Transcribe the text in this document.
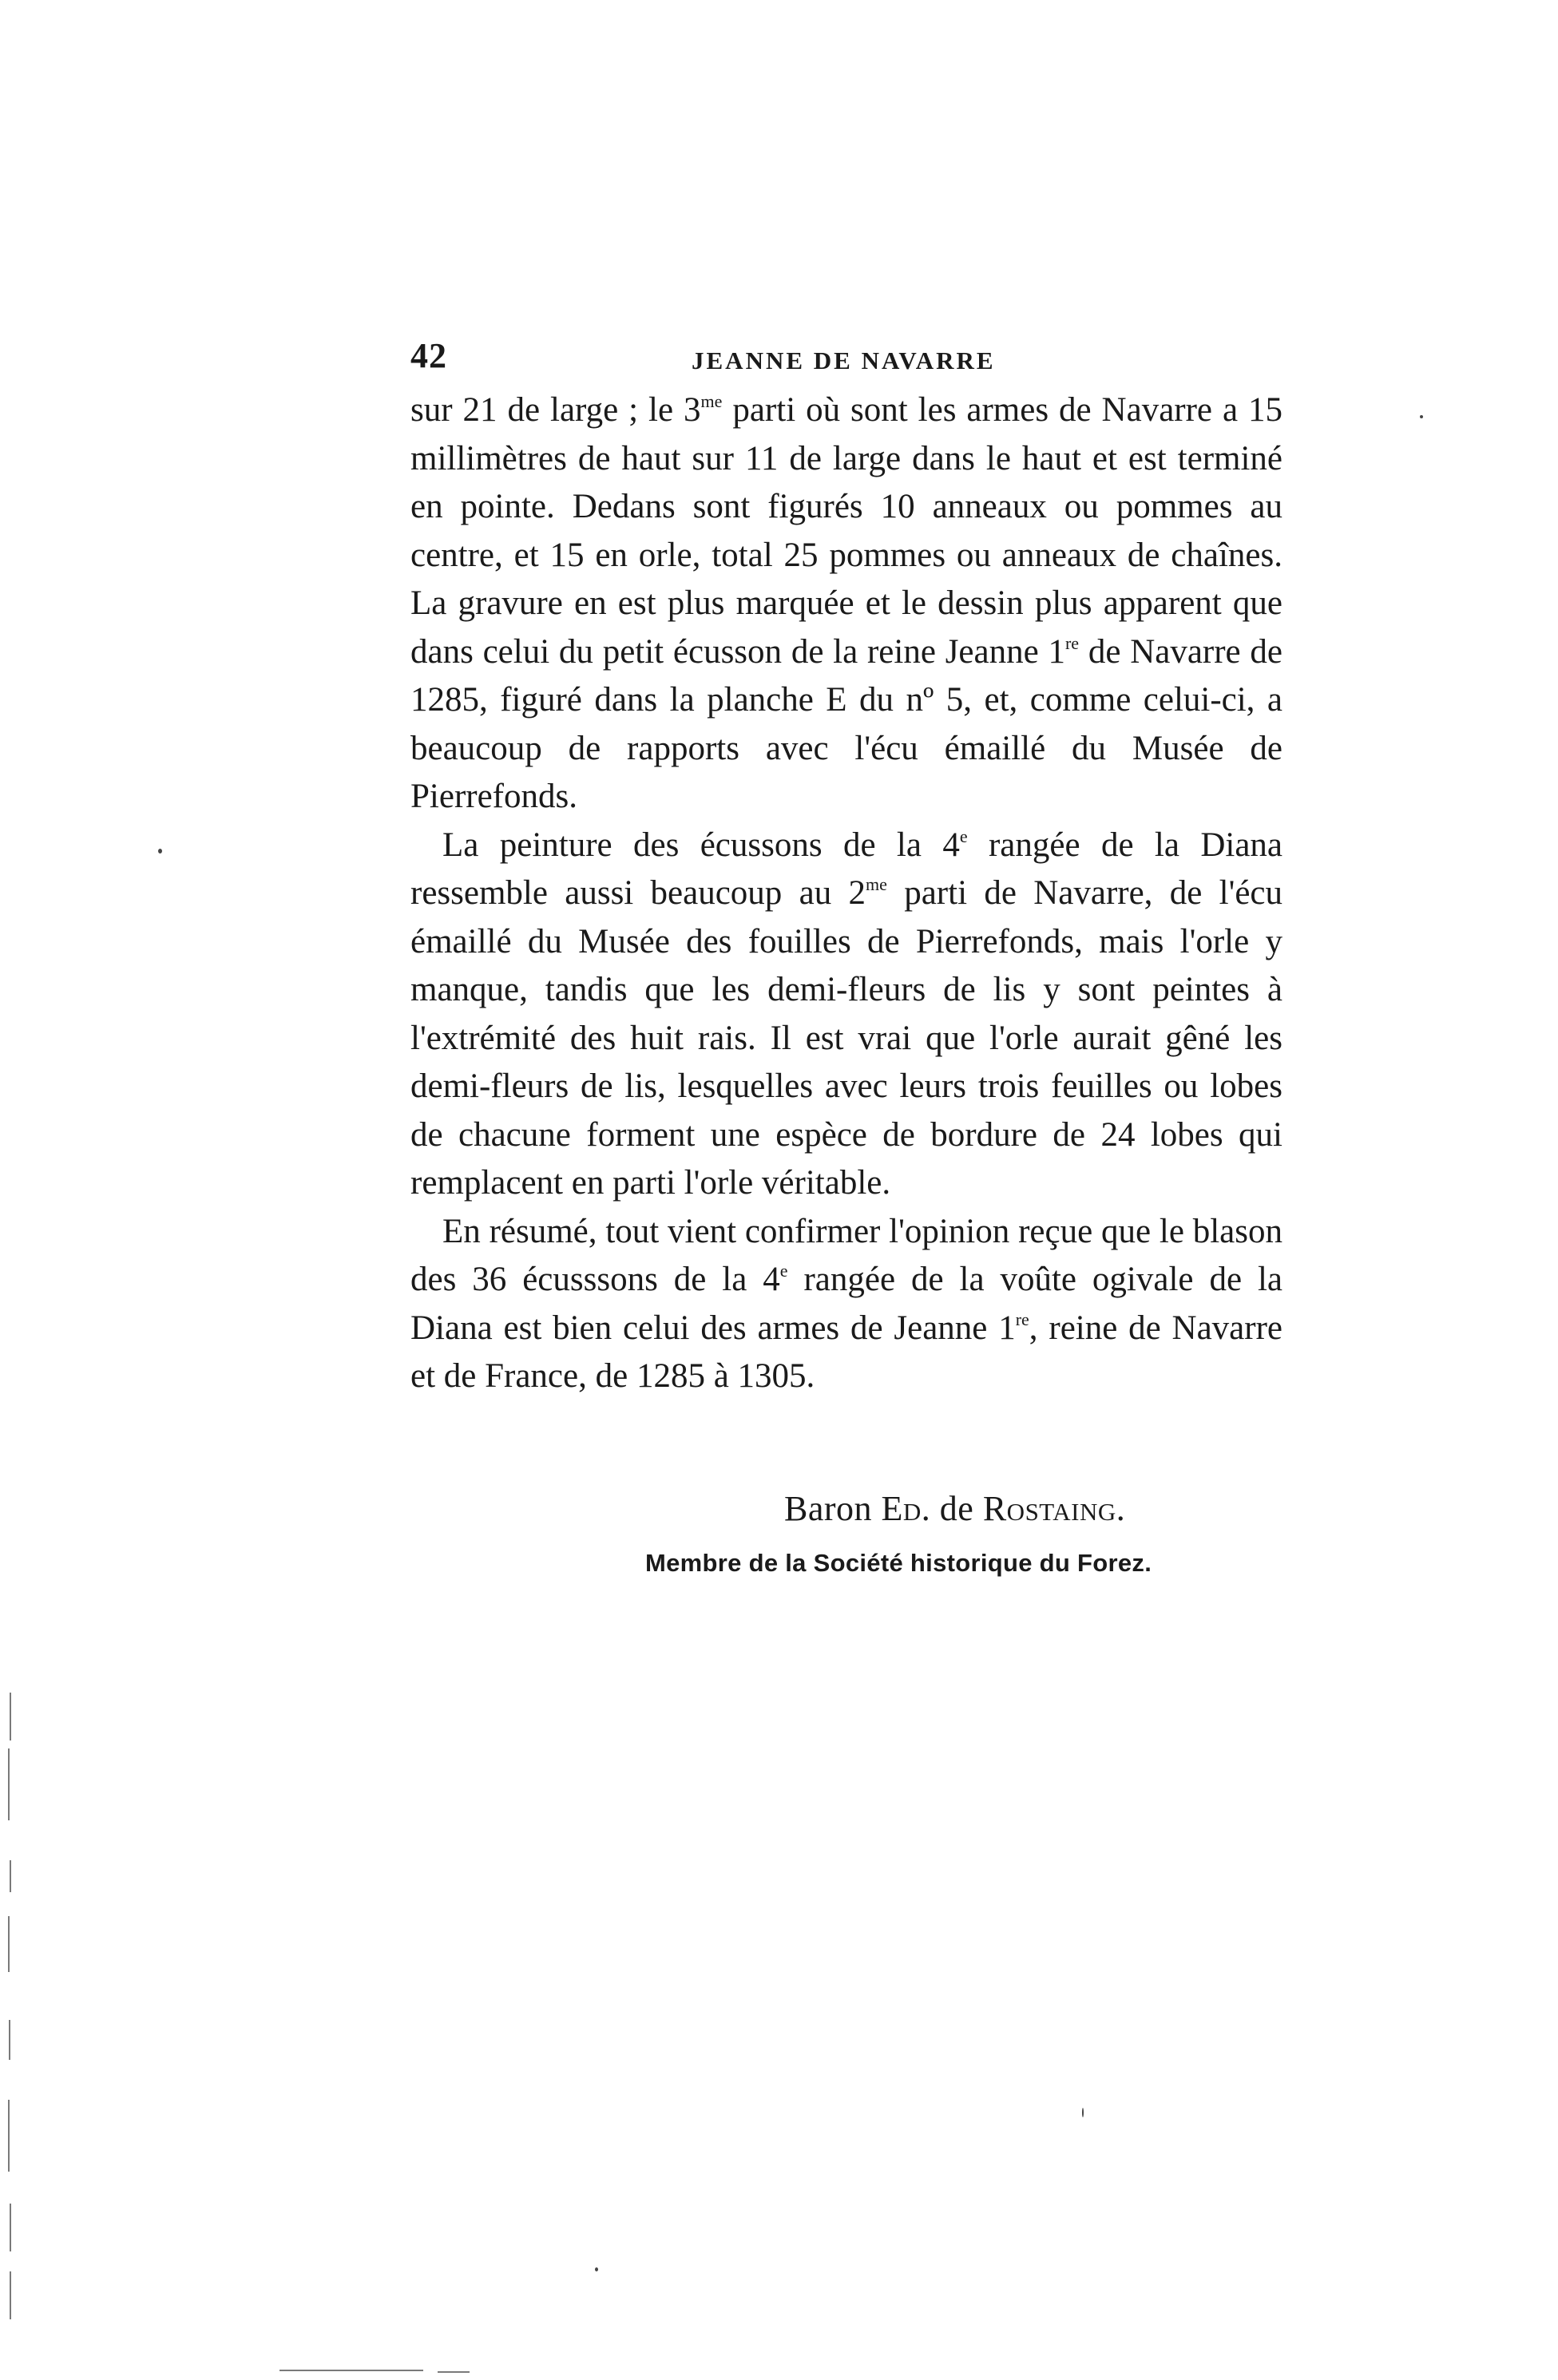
42	JEANNE DE NAVARRE

sur 21 de large ; le $3^{me}$ parti où sont les armes de Navarre a 15 millimètres de haut sur 11 de large dans le haut et est terminé en pointe. Dedans sont figurés 10 anneaux ou pommes au centre, et 15 en orle, total 25 pommes ou anneaux de chaînes. La gravure en est plus marquée et le dessin plus apparent que dans celui du petit écusson de la reine Jeanne 1re de Navarre de 1285, figuré dans la planche E du nº 5, et, comme celui-ci, a beaucoup de rapports avec l'écu émaillé du Musée de Pierrefonds.

La peinture des écussons de la 4e rangée de la Diana ressemble aussi beaucoup au $2^{me}$ parti de Navarre, de l'écu émaillé du Musée des fouilles de Pierrefonds, mais l'orle y manque, tandis que les demi-fleurs de lis y sont peintes à l'extrémité des huit rais. Il est vrai que l'orle aurait gêné les demi-fleurs de lis, lesquelles avec leurs trois feuilles ou lobes de chacune forment une espèce de bordure de 24 lobes qui remplacent en parti l'orle véritable.

En résumé, tout vient confirmer l'opinion reçue que le blason des 36 écusssons de la 4e rangée de la voûte ogivale de la Diana est bien celui des armes de Jeanne 1re, reine de Navarre et de France, de 1285 à 1305.

Baron Ed. de Rostaing.
Membre de la Société historique du Forez.
